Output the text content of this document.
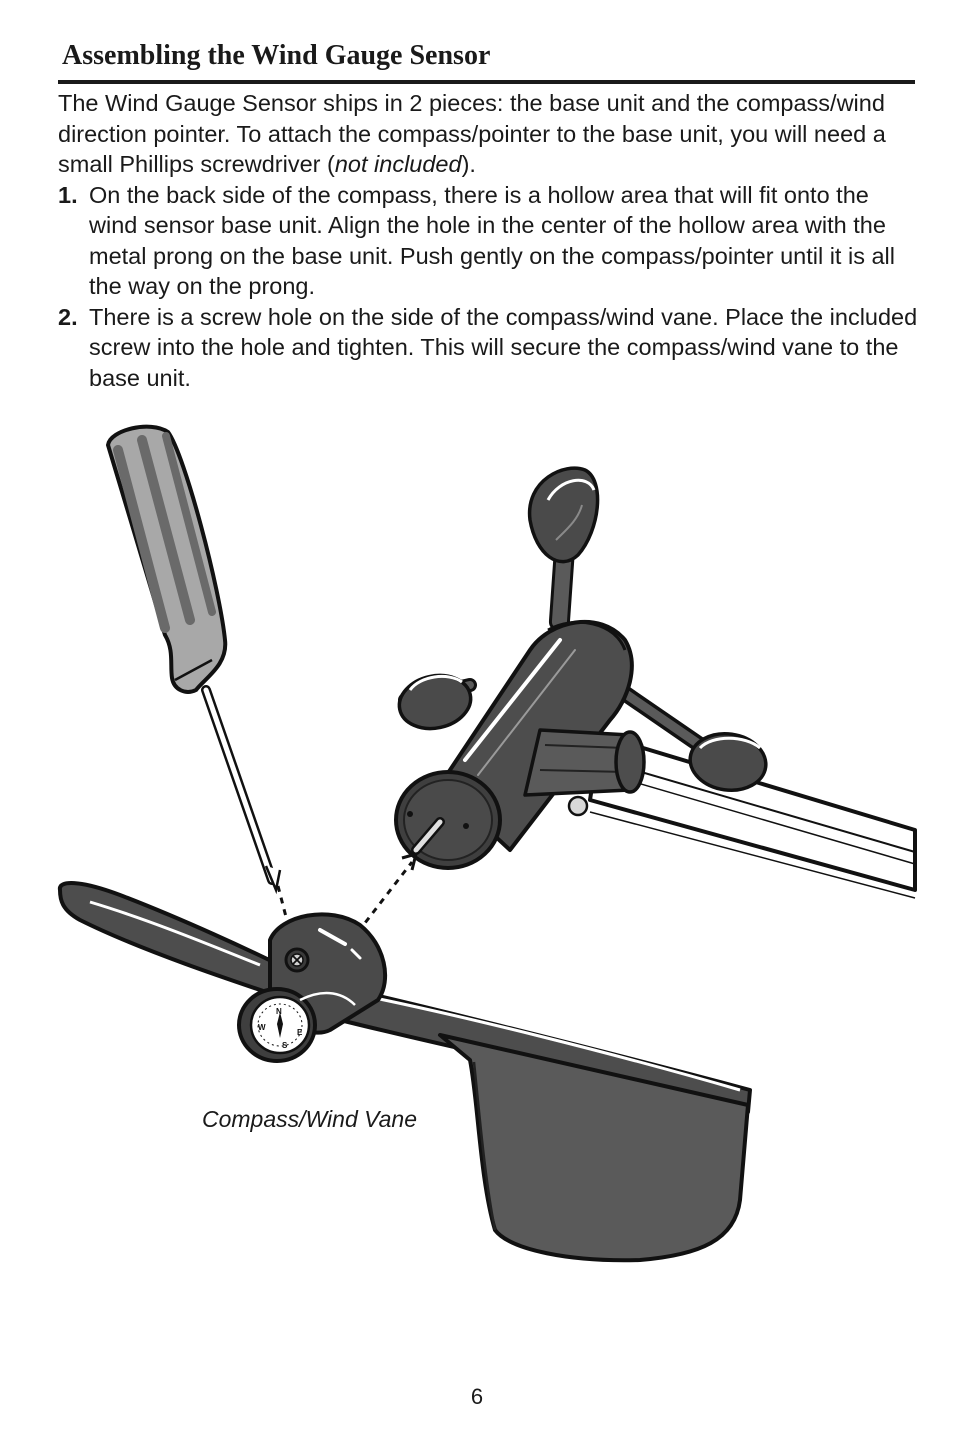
Assembling the Wind Gauge Sensor

The Wind Gauge Sensor ships in 2 pieces: the base unit and the compass/wind direction pointer. To attach the compass/pointer to the base unit, you will need a small Phillips screwdriver (not included).

1. On the back side of the compass, there is a hollow area that will fit onto the wind sensor base unit. Align the hole in the center of the hollow area with the metal prong on the base unit. Push gently on the compass/pointer until it is all the way on the prong.
2. There is a screw hole on the side of the compass/wind vane. Place the included screw into the hole and tighten. This will secure the compass/wind vane to the base unit.
N
E
W
S
Compass/Wind Vane
6
